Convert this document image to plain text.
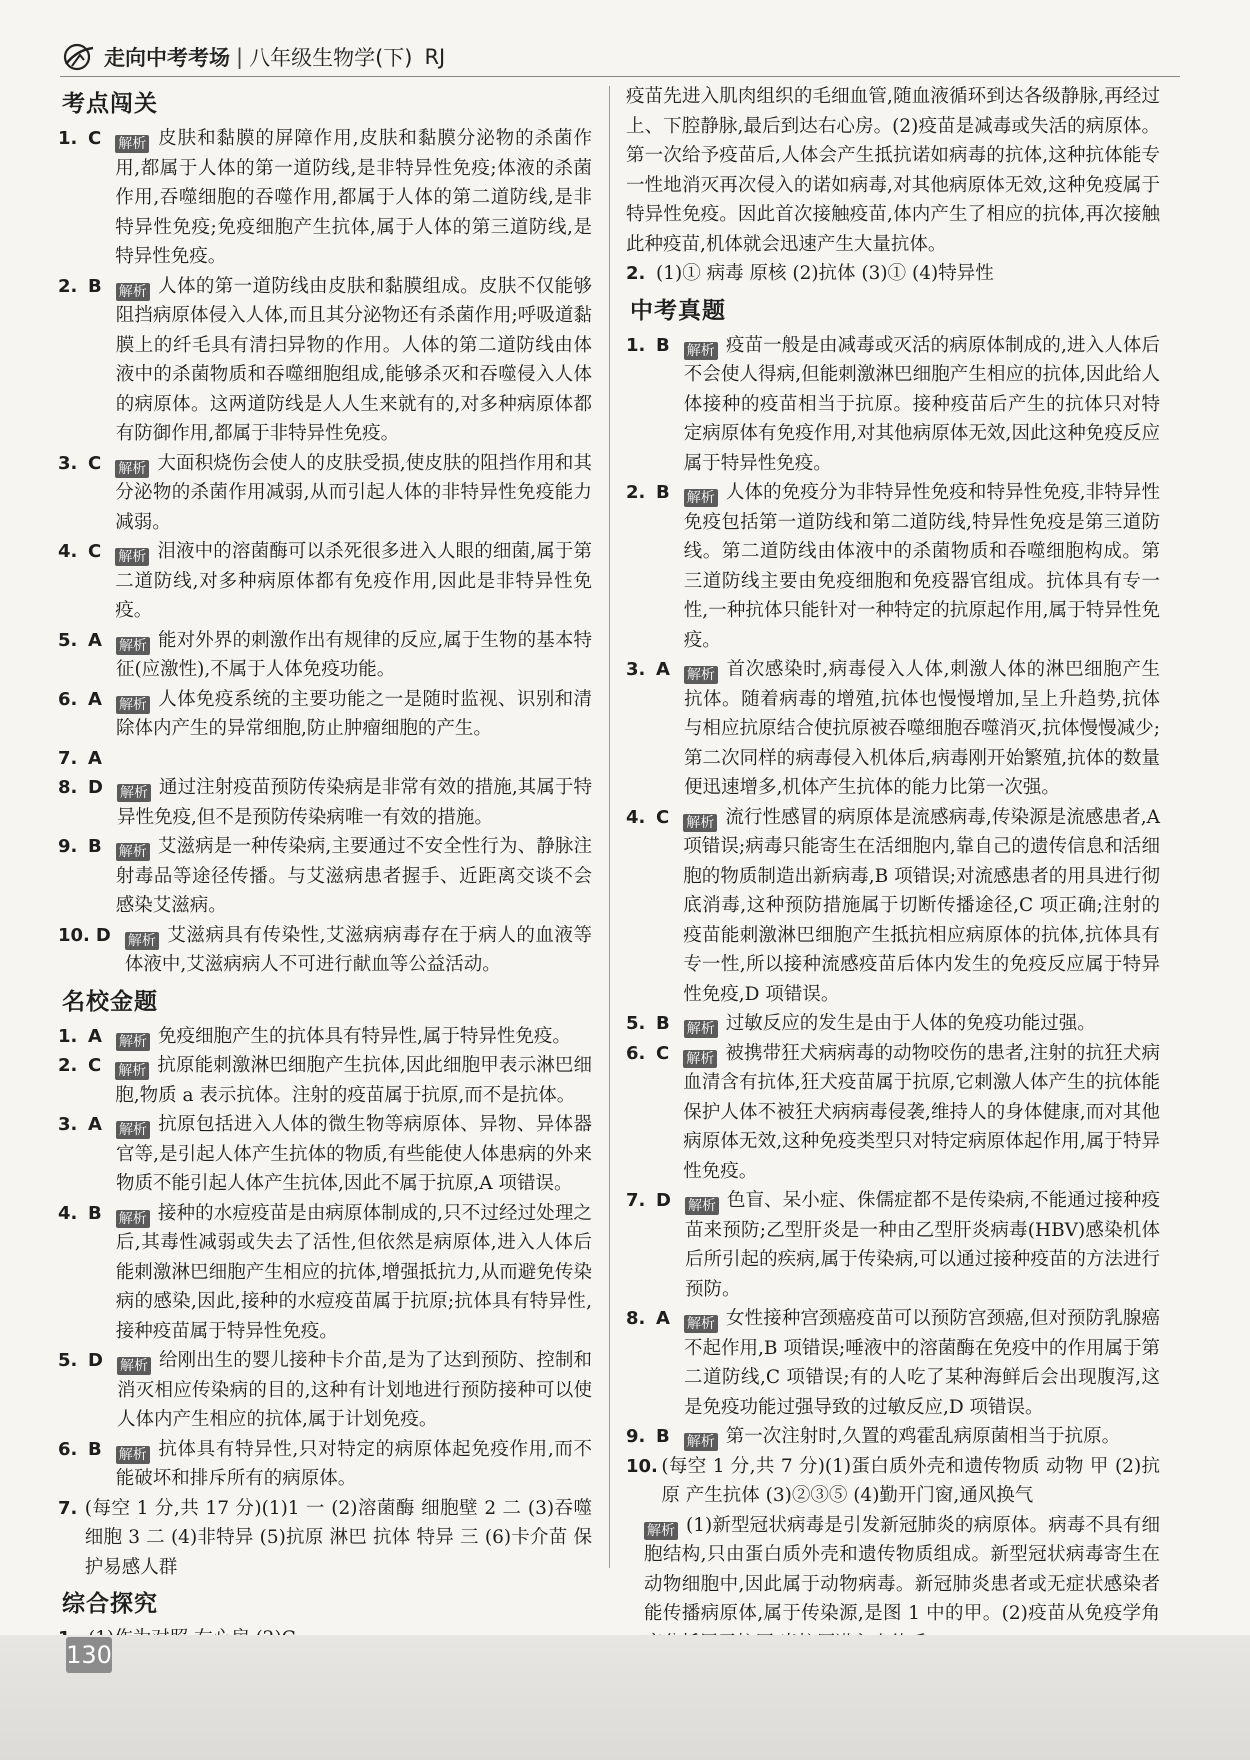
走向中考考场 | 八年级生物学(下) RJ
考点闯关
1. C 解析 皮肤和黏膜的屏障作用,皮肤和黏膜分泌物的杀菌作用,都属于人体的第一道防线,是非特异性免疫;体液的杀菌作用,吞噬细胞的吞噬作用,都属于人体的第二道防线,是非特异性免疫;免疫细胞产生抗体,属于人体的第三道防线,是特异性免疫。
2. B 解析 人体的第一道防线由皮肤和黏膜组成。皮肤不仅能够阻挡病原体侵入人体,而且其分泌物还有杀菌作用;呼吸道黏膜上的纤毛具有清扫异物的作用。人体的第二道防线由体液中的杀菌物质和吞噬细胞组成,能够杀灭和吞噬侵入人体的病原体。这两道防线是人人生来就有的,对多种病原体都有防御作用,都属于非特异性免疫。
3. C 解析 大面积烧伤会使人的皮肤受损,使皮肤的阻挡作用和其分泌物的杀菌作用减弱,从而引起人体的非特异性免疫能力减弱。
4. C 解析 泪液中的溶菌酶可以杀死很多进入人眼的细菌,属于第二道防线,对多种病原体都有免疫作用,因此是非特异性免疫。
5. A 解析 能对外界的刺激作出有规律的反应,属于生物的基本特征(应激性),不属于人体免疫功能。
6. A 解析 人体免疫系统的主要功能之一是随时监视、识别和清除体内产生的异常细胞,防止肿瘤细胞的产生。
7. A
8. D 解析 通过注射疫苗预防传染病是非常有效的措施,其属于特异性免疫,但不是预防传染病唯一有效的措施。
9. B 解析 艾滋病是一种传染病,主要通过不安全性行为、静脉注射毒品等途径传播。与艾滋病患者握手、近距离交谈不会感染艾滋病。
10. D 解析 艾滋病具有传染性,艾滋病病毒存在于病人的血液等体液中,艾滋病病人不可进行献血等公益活动。
名校金题
1. A 解析 免疫细胞产生的抗体具有特异性,属于特异性免疫。
2. C 解析 抗原能刺激淋巴细胞产生抗体,因此细胞甲表示淋巴细胞,物质 a 表示抗体。注射的疫苗属于抗原,而不是抗体。
3. A 解析 抗原包括进入人体的微生物等病原体、异物、异体器官等,是引起人体产生抗体的物质,有些能使人体患病的外来物质不能引起人体产生抗体,因此不属于抗原,A 项错误。
4. B 解析 接种的水痘疫苗是由病原体制成的,只不过经过处理之后,其毒性减弱或失去了活性,但依然是病原体,进入人体后能刺激淋巴细胞产生相应的抗体,增强抵抗力,从而避免传染病的感染,因此,接种的水痘疫苗属于抗原;抗体具有特异性,接种疫苗属于特异性免疫。
5. D 解析 给刚出生的婴儿接种卡介苗,是为了达到预防、控制和消灭相应传染病的目的,这种有计划地进行预防接种可以使人体内产生相应的抗体,属于计划免疫。
6. B 解析 抗体具有特异性,只对特定的病原体起免疫作用,而不能破坏和排斥所有的病原体。
7. (每空 1 分,共 17 分)(1)1 一 (2)溶菌酶 细胞壁 2 二 (3)吞噬细胞 3 二 (4)非特异 (5)抗原 淋巴 抗体 特异 三 (6)卡介苗 保护易感人群
综合探究
疫苗先进入肌肉组织的毛细血管,随血液循环到达各级静脉,再经过上、下腔静脉,最后到达右心房。(2)疫苗是减毒或失活的病原体。第一次给予疫苗后,人体会产生抵抗诺如病毒的抗体,这种抗体能专一性地消灭再次侵入的诺如病毒,对其他病原体无效,这种免疫属于特异性免疫。因此首次接触疫苗,体内产生了相应的抗体,再次接触此种疫苗,机体就会迅速产生大量抗体。
2. (1)① 病毒 原核 (2)抗体 (3)① (4)特异性
中考真题
1. B 解析 疫苗一般是由减毒或灭活的病原体制成的,进入人体后不会使人得病,但能刺激淋巴细胞产生相应的抗体,因此给人体接种的疫苗相当于抗原。接种疫苗后产生的抗体只对特定病原体有免疫作用,对其他病原体无效,因此这种免疫反应属于特异性免疫。
2. B 解析 人体的免疫分为非特异性免疫和特异性免疫,非特异性免疫包括第一道防线和第二道防线,特异性免疫是第三道防线。第二道防线由体液中的杀菌物质和吞噬细胞构成。第三道防线主要由免疫细胞和免疫器官组成。抗体具有专一性,一种抗体只能针对一种特定的抗原起作用,属于特异性免疫。
3. A 解析 首次感染时,病毒侵入人体,刺激人体的淋巴细胞产生抗体。随着病毒的增殖,抗体也慢慢增加,呈上升趋势,抗体与相应抗原结合使抗原被吞噬细胞吞噬消灭,抗体慢慢减少;第二次同样的病毒侵入机体后,病毒刚开始繁殖,抗体的数量便迅速增多,机体产生抗体的能力比第一次强。
4. C 解析 流行性感冒的病原体是流感病毒,传染源是流感患者,A 项错误;病毒只能寄生在活细胞内,靠自己的遗传信息和活细胞的物质制造出新病毒,B 项错误;对流感患者的用具进行彻底消毒,这种预防措施属于切断传播途径,C 项正确;注射的疫苗能刺激淋巴细胞产生抵抗相应病原体的抗体,抗体具有专一性,所以接种流感疫苗后体内发生的免疫反应属于特异性免疫,D 项错误。
5. B 解析 过敏反应的发生是由于人体的免疫功能过强。
6. C 解析 被携带狂犬病病毒的动物咬伤的患者,注射的抗狂犬病血清含有抗体,狂犬疫苗属于抗原,它刺激人体产生的抗体能保护人体不被狂犬病病毒侵袭,维持人的身体健康,而对其他病原体无效,这种免疫类型只对特定病原体起作用,属于特异性免疫。
7. D 解析 色盲、呆小症、侏儒症都不是传染病,不能通过接种疫苗来预防;乙型肝炎是一种由乙型肝炎病毒(HBV)感染机体后所引起的疾病,属于传染病,可以通过接种疫苗的方法进行预防。
8. A 解析 女性接种宫颈癌疫苗可以预防宫颈癌,但对预防乳腺癌不起作用,B 项错误;唾液中的溶菌酶在免疫中的作用属于第二道防线,C 项错误;有的人吃了某种海鲜后会出现腹泻,这是免疫功能过强导致的过敏反应,D 项错误。
9. B 解析 第一次注射时,久置的鸡霍乱病原菌相当于抗原。
10. (每空 1 分,共 7 分)(1)蛋白质外壳和遗传物质 动物 甲 (2)抗原 产生抗体 (3)②③⑤ (4)勤开门窗,通风换气
解析 (1)新型冠状病毒是引发新冠肺炎的病原体。病毒不具有细胞结构,只由蛋白质外壳和遗传物质组成。新型冠状病毒寄生在动物细胞中,因此属于动物病毒。新冠肺炎患者或无症状感染者能传播病原体,属于传染源,是图 1 中的甲。(2)疫苗从免疫学角
130
